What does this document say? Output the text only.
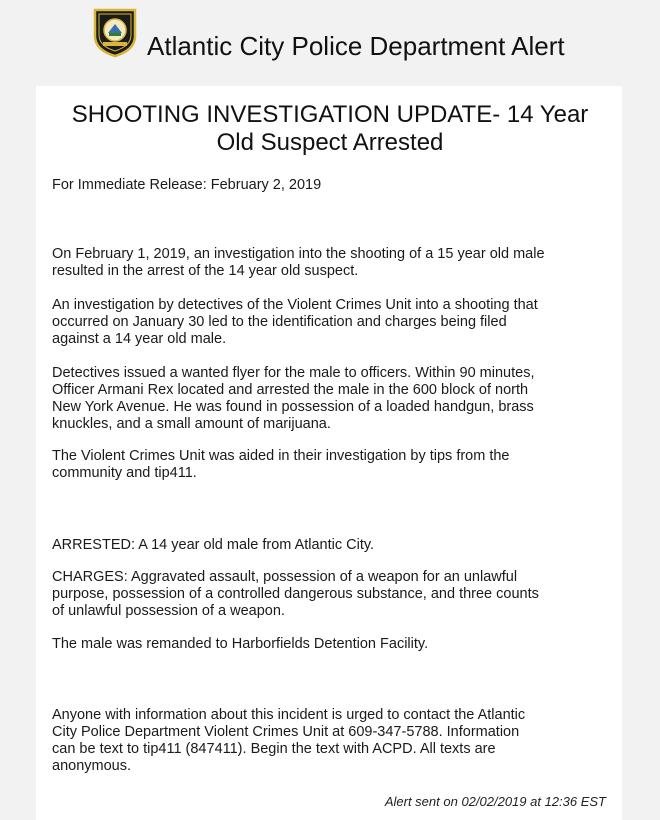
Atlantic City Police Department Alert
SHOOTING INVESTIGATION UPDATE- 14 Year
Old Suspect Arrested
For Immediate Release: February 2, 2019

On February 1, 2019, an investigation into the shooting of a 15 year old male
resulted in the arrest of the 14 year old suspect.

An investigation by detectives of the Violent Crimes Unit into a shooting that
occurred on January 30 led to the identification and charges being filed
against a 14 year old male.

Detectives issued a wanted flyer for the male to officers. Within 90 minutes,
Officer Armani Rex located and arrested the male in the 600 block of north
New York Avenue. He was found in possession of a loaded handgun, brass
knuckles, and a small amount of marijuana.

The Violent Crimes Unit was aided in their investigation by tips from the
community and tip411.

ARRESTED: A 14 year old male from Atlantic City.

CHARGES: Aggravated assault, possession of a weapon for an unlawful
purpose, possession of a controlled dangerous substance, and three counts
of unlawful possession of a weapon.

The male was remanded to Harborfields Detention Facility.

Anyone with information about this incident is urged to contact the Atlantic
City Police Department Violent Crimes Unit at 609-347-5788. Information
can be text to tip411 (847411). Begin the text with ACPD. All texts are
anonymous.

Alert sent on 02/02/2019 at 12:36 EST
